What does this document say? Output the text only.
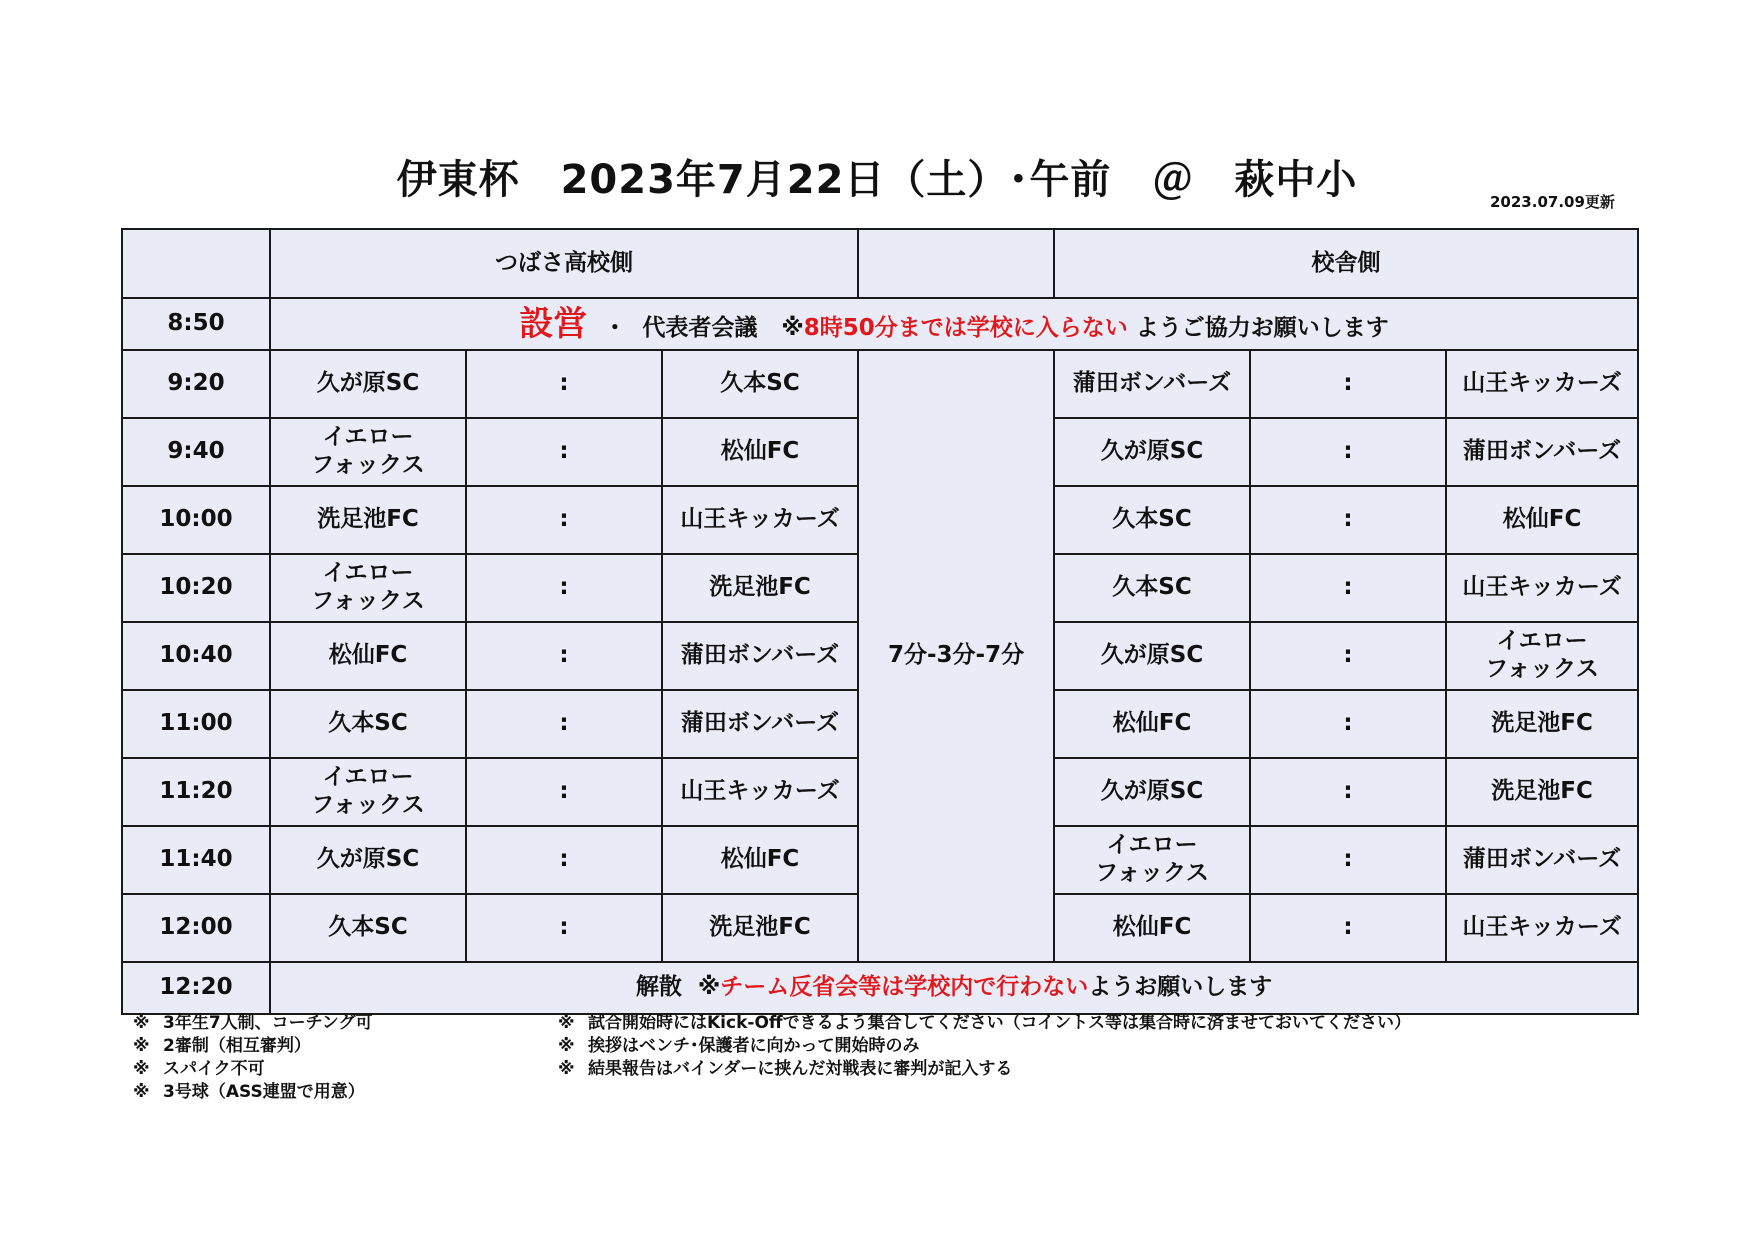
伊東杯　2023年7月22日（土）･午前　＠　萩中小	2023.07.09更新
	つばさ高校側				校舎側		
8:50	設営 ・ 代表者会議 ※8時50分までは学校に入らない ようご協力お願いします						
9:20	久が原SC	:	久本SC	7分-3分-7分	蒲田ボンバーズ	:	山王キッカーズ
9:40	イエロー
フォックス	:	松仙FC		久が原SC	:	蒲田ボンバーズ
10:00	洗足池FC	:	山王キッカーズ		久本SC	:	松仙FC
10:20	イエロー
フォックス	:	洗足池FC		久本SC	:	山王キッカーズ
10:40	松仙FC	:	蒲田ボンバーズ		久が原SC	:	イエロー
フォックス
11:00	久本SC	:	蒲田ボンバーズ		松仙FC	:	洗足池FC
11:20	イエロー
フォックス	:	山王キッカーズ		久が原SC	:	洗足池FC
11:40	久が原SC	:	松仙FC		イエロー
フォックス	:	蒲田ボンバーズ
12:00	久本SC	:	洗足池FC		松仙FC	:	山王キッカーズ
12:20	解散 ※チーム反省会等は学校内で行わないようお願いします						
※ 3年生7人制、コーチング可
※ 2審制（相互審判）
※ スパイク不可
※ 3号球（ASS連盟で用意）
※ 試合開始時にはKick-Offできるよう集合してください（コイントス等は集合時に済ませておいてください）
※ 挨拶はベンチ･保護者に向かって開始時のみ
※ 結果報告はバインダーに挟んだ対戦表に審判が記入する
